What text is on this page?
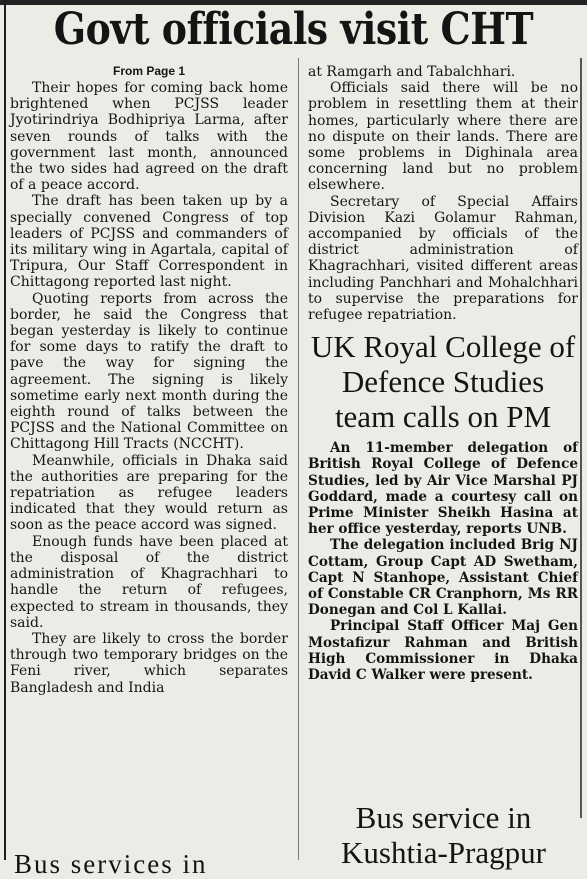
Govt officials visit CHT

From Page 1

Their hopes for coming back home brightened when PCJSS leader Jyotirindriya Bodhipriya Larma, after seven rounds of talks with the government last month, announced the two sides had agreed on the draft of a peace accord.

The draft has been taken up by a specially convened Congress of top leaders of PCJSS and commanders of its military wing in Agartala, capital of Tripura, Our Staff Correspondent in Chittagong reported last night.

Quoting reports from across the border, he said the Congress that began yesterday is likely to continue for some days to ratify the draft to pave the way for signing the agreement. The signing is likely sometime early next month during the eighth round of talks between the PCJSS and the National Committee on Chittagong Hill Tracts (NCCHT).

Meanwhile, officials in Dhaka said the authorities are preparing for the repatriation as refugee leaders indicated that they would return as soon as the peace accord was signed.

Enough funds have been placed at the disposal of the district administration of Khagrachhari to handle the return of refugees, expected to stream in thousands, they said.

They are likely to cross the border through two temporary bridges on the Feni river, which separates Bangladesh and India

at Ramgarh and Tabalchhari.

Officials said there will be no problem in resettling them at their homes, particularly where there are no dispute on their lands. There are some problems in Dighinala area concerning land but no problem elsewhere.

Secretary of Special Affairs Division Kazi Golamur Rahman, accompanied by officials of the district administration of Khagrachhari, visited different areas including Panchhari and Mohalchhari to supervise the preparations for refugee repatriation.

UK Royal College of Defence Studies team calls on PM

An 11-member delegation of British Royal College of Defence Studies, led by Air Vice Marshal PJ Goddard, made a courtesy call on Prime Minister Sheikh Hasina at her office yesterday, reports UNB.

The delegation included Brig NJ Cottam, Group Capt AD Swetham, Capt N Stanhope, Assistant Chief of Constable CR Cranphorn, Ms RR Donegan and Col L Kallai.

Principal Staff Officer Maj Gen Mostafizur Rahman and British High Commissioner in Dhaka David C Walker were present.

Bus service in Kushtia-Pragpur
Bus services in
